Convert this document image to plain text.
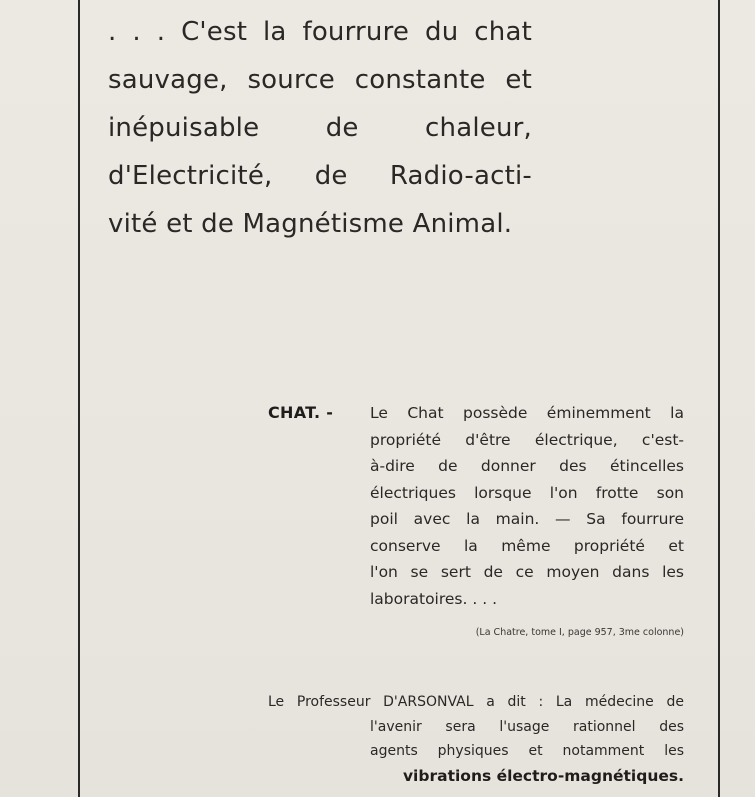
. . . C'est la fourrure du chat
sauvage, source constante et
inépuisable de chaleur,
d'Electricité, de Radio-acti-
vité et de Magnétisme Animal.

CHAT. - Le Chat possède éminemment la
propriété d'être électrique, c'est-
à-dire de donner des étincelles
électriques lorsque l'on frotte son
poil avec la main. — Sa fourrure
conserve la même propriété et
l'on se sert de ce moyen dans les
laboratoires. . . .

(La Chatre, tome I, page 957, 3me colonne)

Le Professeur D'ARSONVAL a dit : La médecine de
l'avenir sera l'usage rationnel des
agents physiques et notamment les
vibrations électro-magnétiques.
